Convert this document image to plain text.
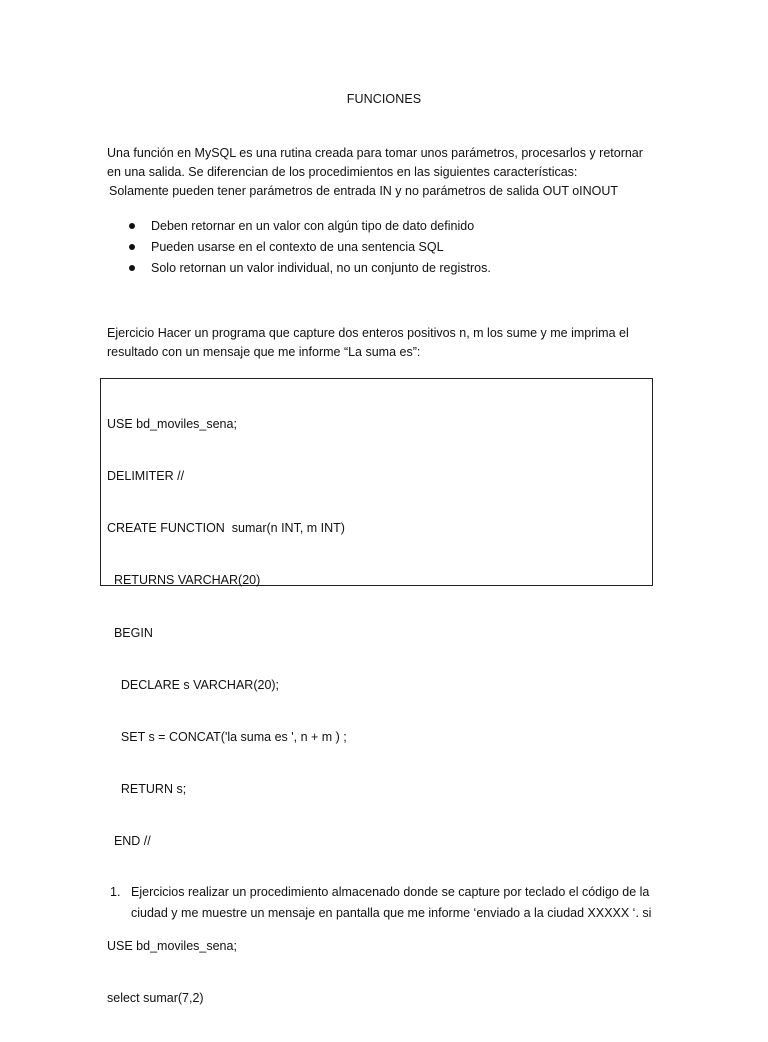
FUNCIONES

Una función en MySQL es una rutina creada para tomar unos parámetros, procesarlos y retornar

en una salida. Se diferencian de los procedimientos en las siguientes características:

Solamente pueden tener parámetros de entrada IN y no parámetros de salida OUT oINOUT

Deben retornar en un valor con algún tipo de dato definido
Pueden usarse en el contexto de una sentencia SQL
Solo retornan un valor individual, no un conjunto de registros.

Ejercicio Hacer un programa que capture dos enteros positivos n, m los sume y me imprima el

resultado con un mensaje que me informe “La suma es”:

USE bd_moviles_sena;

DELIMITER //

CREATE FUNCTION  sumar(n INT, m INT)

RETURNS VARCHAR(20)

BEGIN

DECLARE s VARCHAR(20);

SET s = CONCAT('la suma es ', n + m ) ;

RETURN s;

END //

USE bd_moviles_sena;

select sumar(7,2)

1. Ejercicios realizar un procedimiento almacenado donde se capture por teclado el código de la
ciudad y me muestre un mensaje en pantalla que me informe ‘enviado a la ciudad XXXXX ‘. si
